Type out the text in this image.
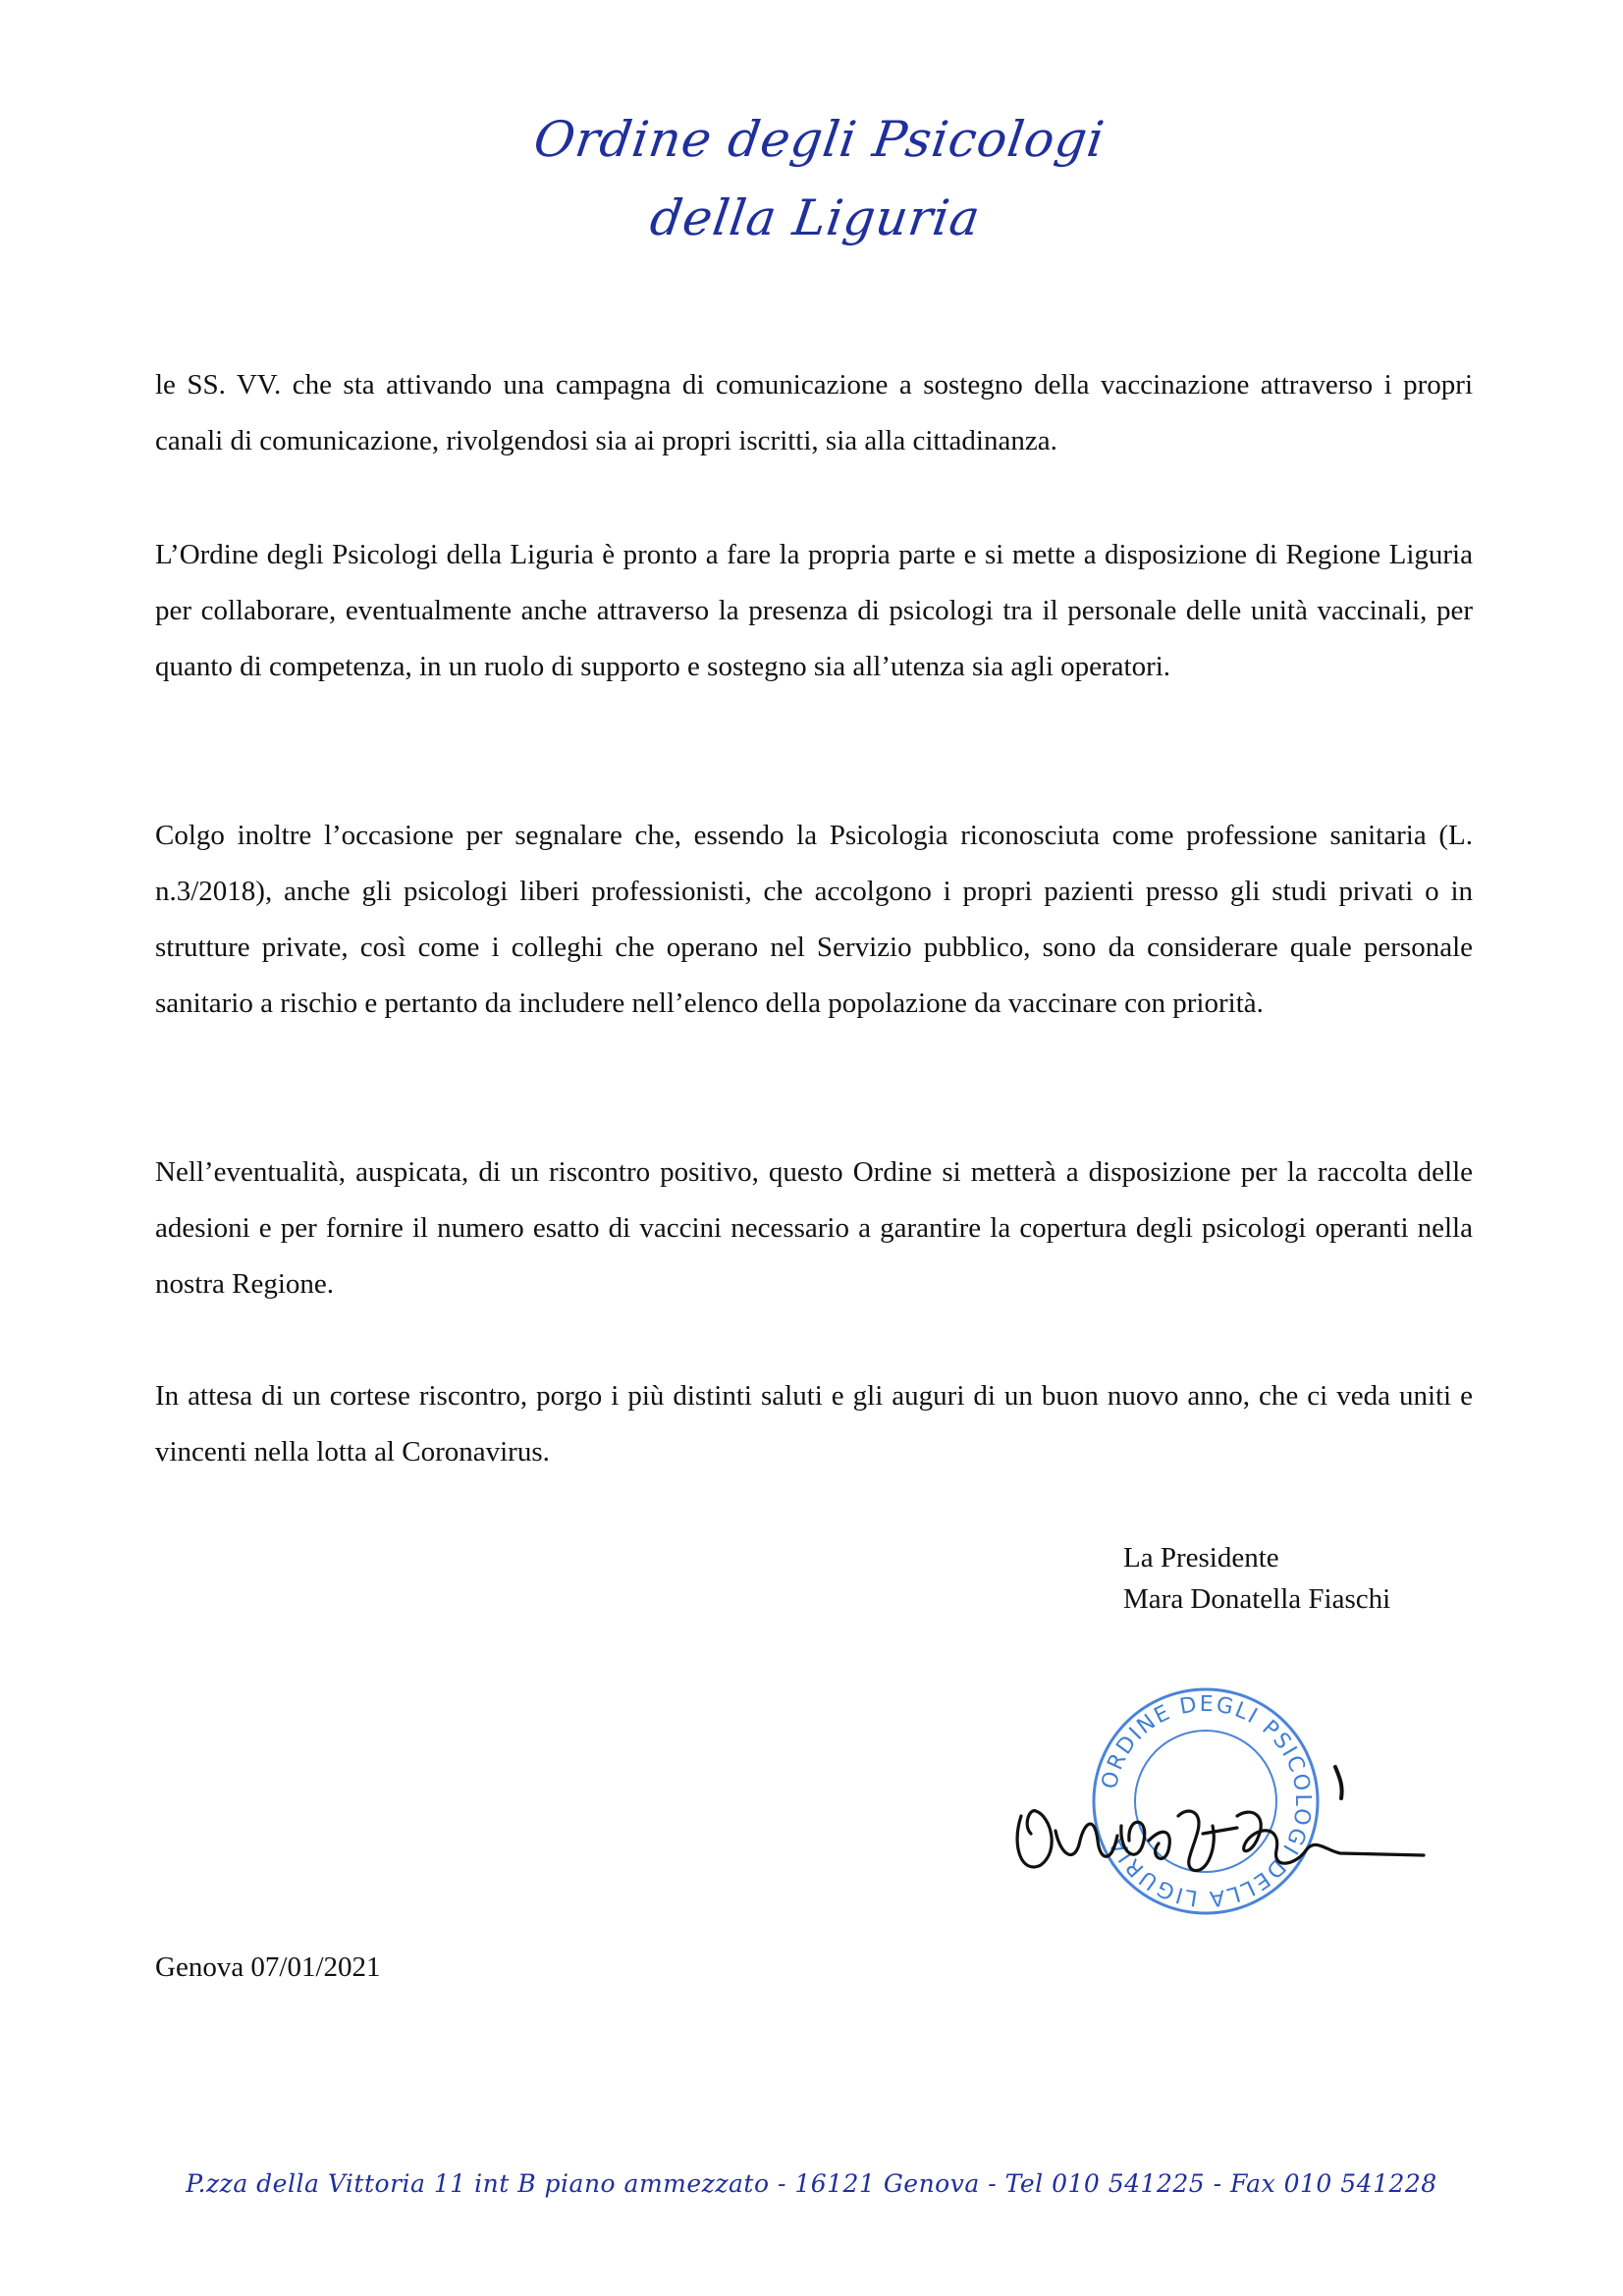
Ordine degli Psicologi
della Liguria

le SS. VV. che sta attivando una campagna di comunicazione a sostegno della vaccinazione attraverso i propri canali di comunicazione, rivolgendosi sia ai propri iscritti, sia alla cittadinanza.

L’Ordine degli Psicologi della Liguria è pronto a fare la propria parte e si mette a disposizione di Regione Liguria per collaborare, eventualmente anche attraverso la presenza di psicologi tra il personale delle unità vaccinali, per quanto di competenza, in un ruolo di supporto e sostegno sia all’utenza sia agli operatori.

Colgo inoltre l’occasione per segnalare che, essendo la Psicologia riconosciuta come professione sanitaria (L. n.3/2018), anche gli psicologi liberi professionisti, che accolgono i propri pazienti presso gli studi privati o in strutture private, così come i colleghi che operano nel Servizio pubblico, sono da considerare quale personale sanitario a rischio e pertanto da includere nell’elenco della popolazione da vaccinare con priorità.

Nell’eventualità, auspicata, di un riscontro positivo, questo Ordine si metterà a disposizione per la raccolta delle adesioni e per fornire il numero esatto di vaccini necessario a garantire la copertura degli psicologi operanti nella nostra Regione.

In attesa di un cortese riscontro, porgo i più distinti saluti e gli auguri di un buon nuovo anno, che ci veda uniti e vincenti nella lotta al Coronavirus.

La Presidente
Mara Donatella Fiaschi
ORDINE DEGLI PSICOLOGI DELLA LIGURIA
Genova 07/01/2021
P.zza della Vittoria 11 int B piano ammezzato - 16121 Genova - Tel 010 541225 - Fax 010 541228
